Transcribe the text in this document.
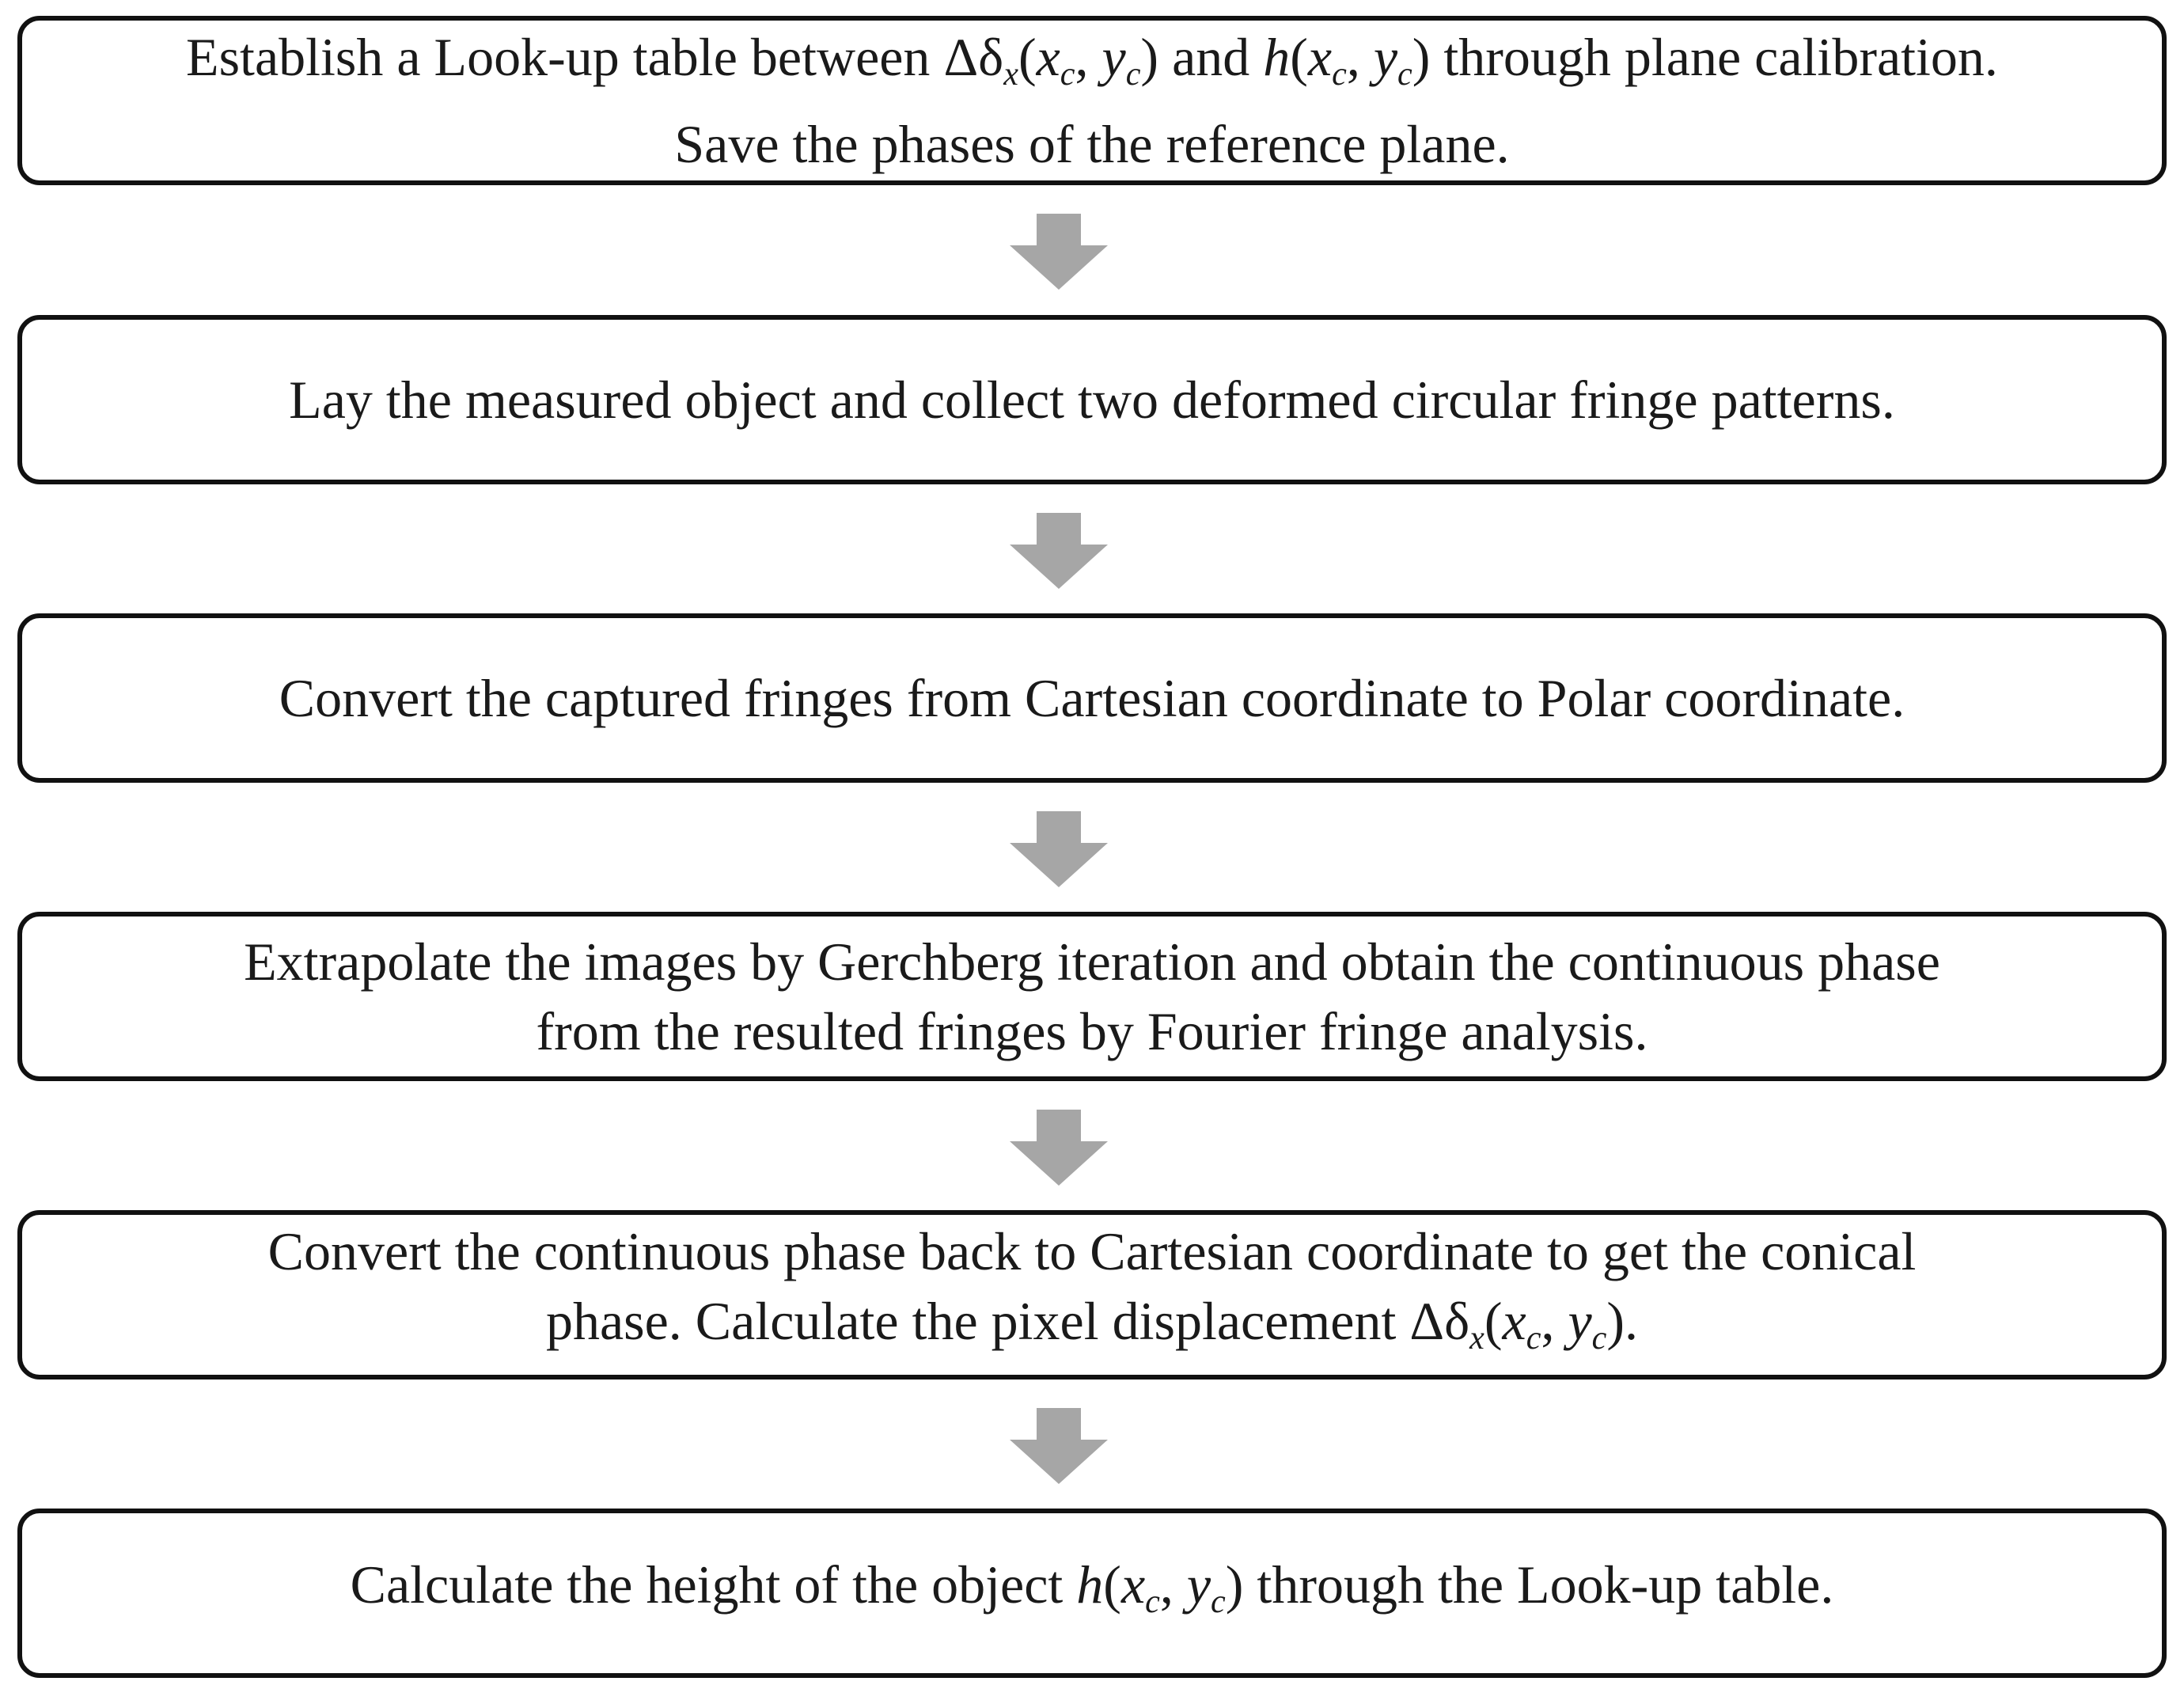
Establish a Look-up table between $\Delta\delta_x(x_c$, $y_c$) and $h(x_c$, $y_c$) through plane calibration.
Save the phases of the reference plane.
Lay the measured object and collect two deformed circular fringe patterns.
Convert the captured fringes from Cartesian coordinate to Polar coordinate.
Extrapolate the images by Gerchberg iteration and obtain the continuous phase
from the resulted fringes by Fourier fringe analysis.
Convert the continuous phase back to Cartesian coordinate to get the conical
phase. Calculate the pixel displacement $\Delta\delta_x(x_c$, $y_c$).
Calculate the height of the object $h(x_c$, $y_c$) through the Look-up table.
